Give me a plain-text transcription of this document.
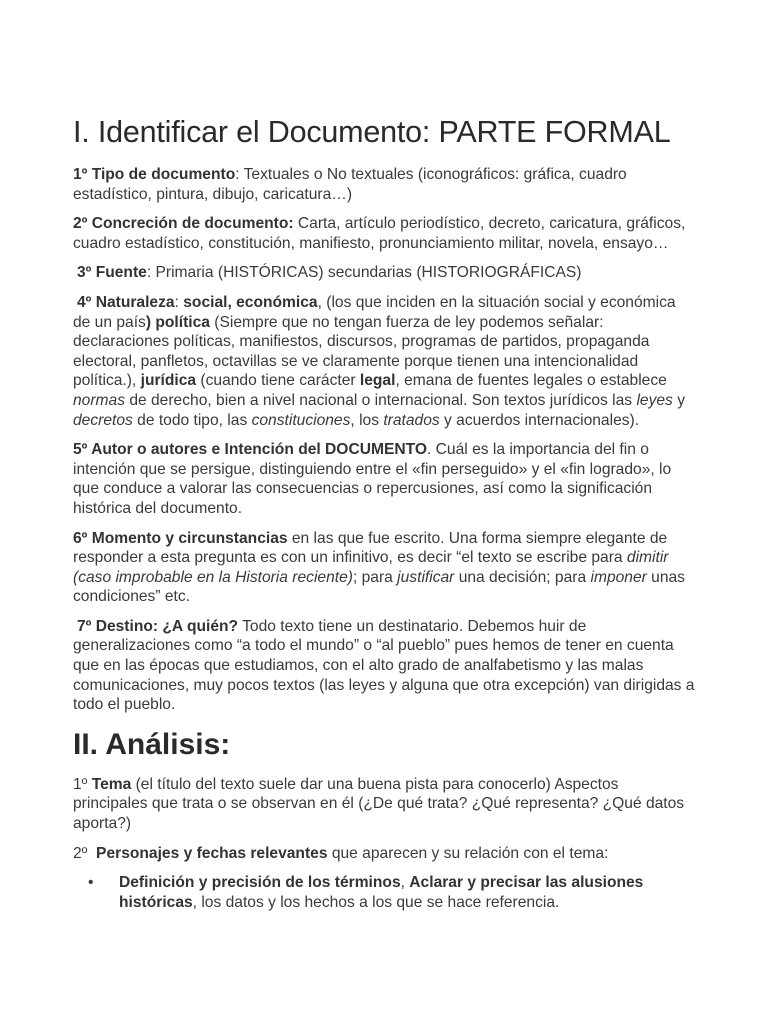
I. Identificar el Documento: PARTE FORMAL

1º Tipo de documento: Textuales o No textuales (iconográficos: gráfica, cuadro estadístico, pintura, dibujo, caricatura…)

2º Concreción de documento: Carta, artículo periodístico, decreto, caricatura, gráficos, cuadro estadístico, constitución, manifiesto, pronunciamiento militar, novela, ensayo…

3º Fuente: Primaria (HISTÓRICAS) secundarias (HISTORIOGRÁFICAS)

4º Naturaleza: social, económica, (los que inciden en la situación social y económica de un país) política (Siempre que no tengan fuerza de ley podemos señalar: declaraciones políticas, manifiestos, discursos, programas de partidos, propaganda electoral, panfletos, octavillas se ve claramente porque tienen una intencionalidad política.), jurídica (cuando tiene carácter legal, emana de fuentes legales o establece normas de derecho, bien a nivel nacional o internacional. Son textos jurídicos las leyes y decretos de todo tipo, las constituciones, los tratados y acuerdos internacionales).

5º Autor o autores e Intención del DOCUMENTO. Cuál es la importancia del fin o intención que se persigue, distinguiendo entre el «fin perseguido» y el «fin logrado», lo que conduce a valorar las consecuencias o repercusiones, así como la significación histórica del documento.

6º Momento y circunstancias en las que fue escrito. Una forma siempre elegante de responder a esta pregunta es con un infinitivo, es decir “el texto se escribe para dimitir (caso improbable en la Historia reciente); para justificar una decisión; para imponer unas condiciones” etc.

7º Destino: ¿A quién? Todo texto tiene un destinatario. Debemos huir de generalizaciones como “a todo el mundo” o “al pueblo” pues hemos de tener en cuenta que en las épocas que estudiamos, con el alto grado de analfabetismo y las malas comunicaciones, muy pocos textos (las leyes y alguna que otra excepción) van dirigidas a todo el pueblo.

II. Análisis:

1º Tema (el título del texto suele dar una buena pista para conocerlo) Aspectos principales que trata o se observan en él (¿De qué trata? ¿Qué representa? ¿Qué datos aporta?)

2º  Personajes y fechas relevantes que aparecen y su relación con el tema:

• Definición y precisión de los términos, Aclarar y precisar las alusiones históricas, los datos y los hechos a los que se hace referencia.
